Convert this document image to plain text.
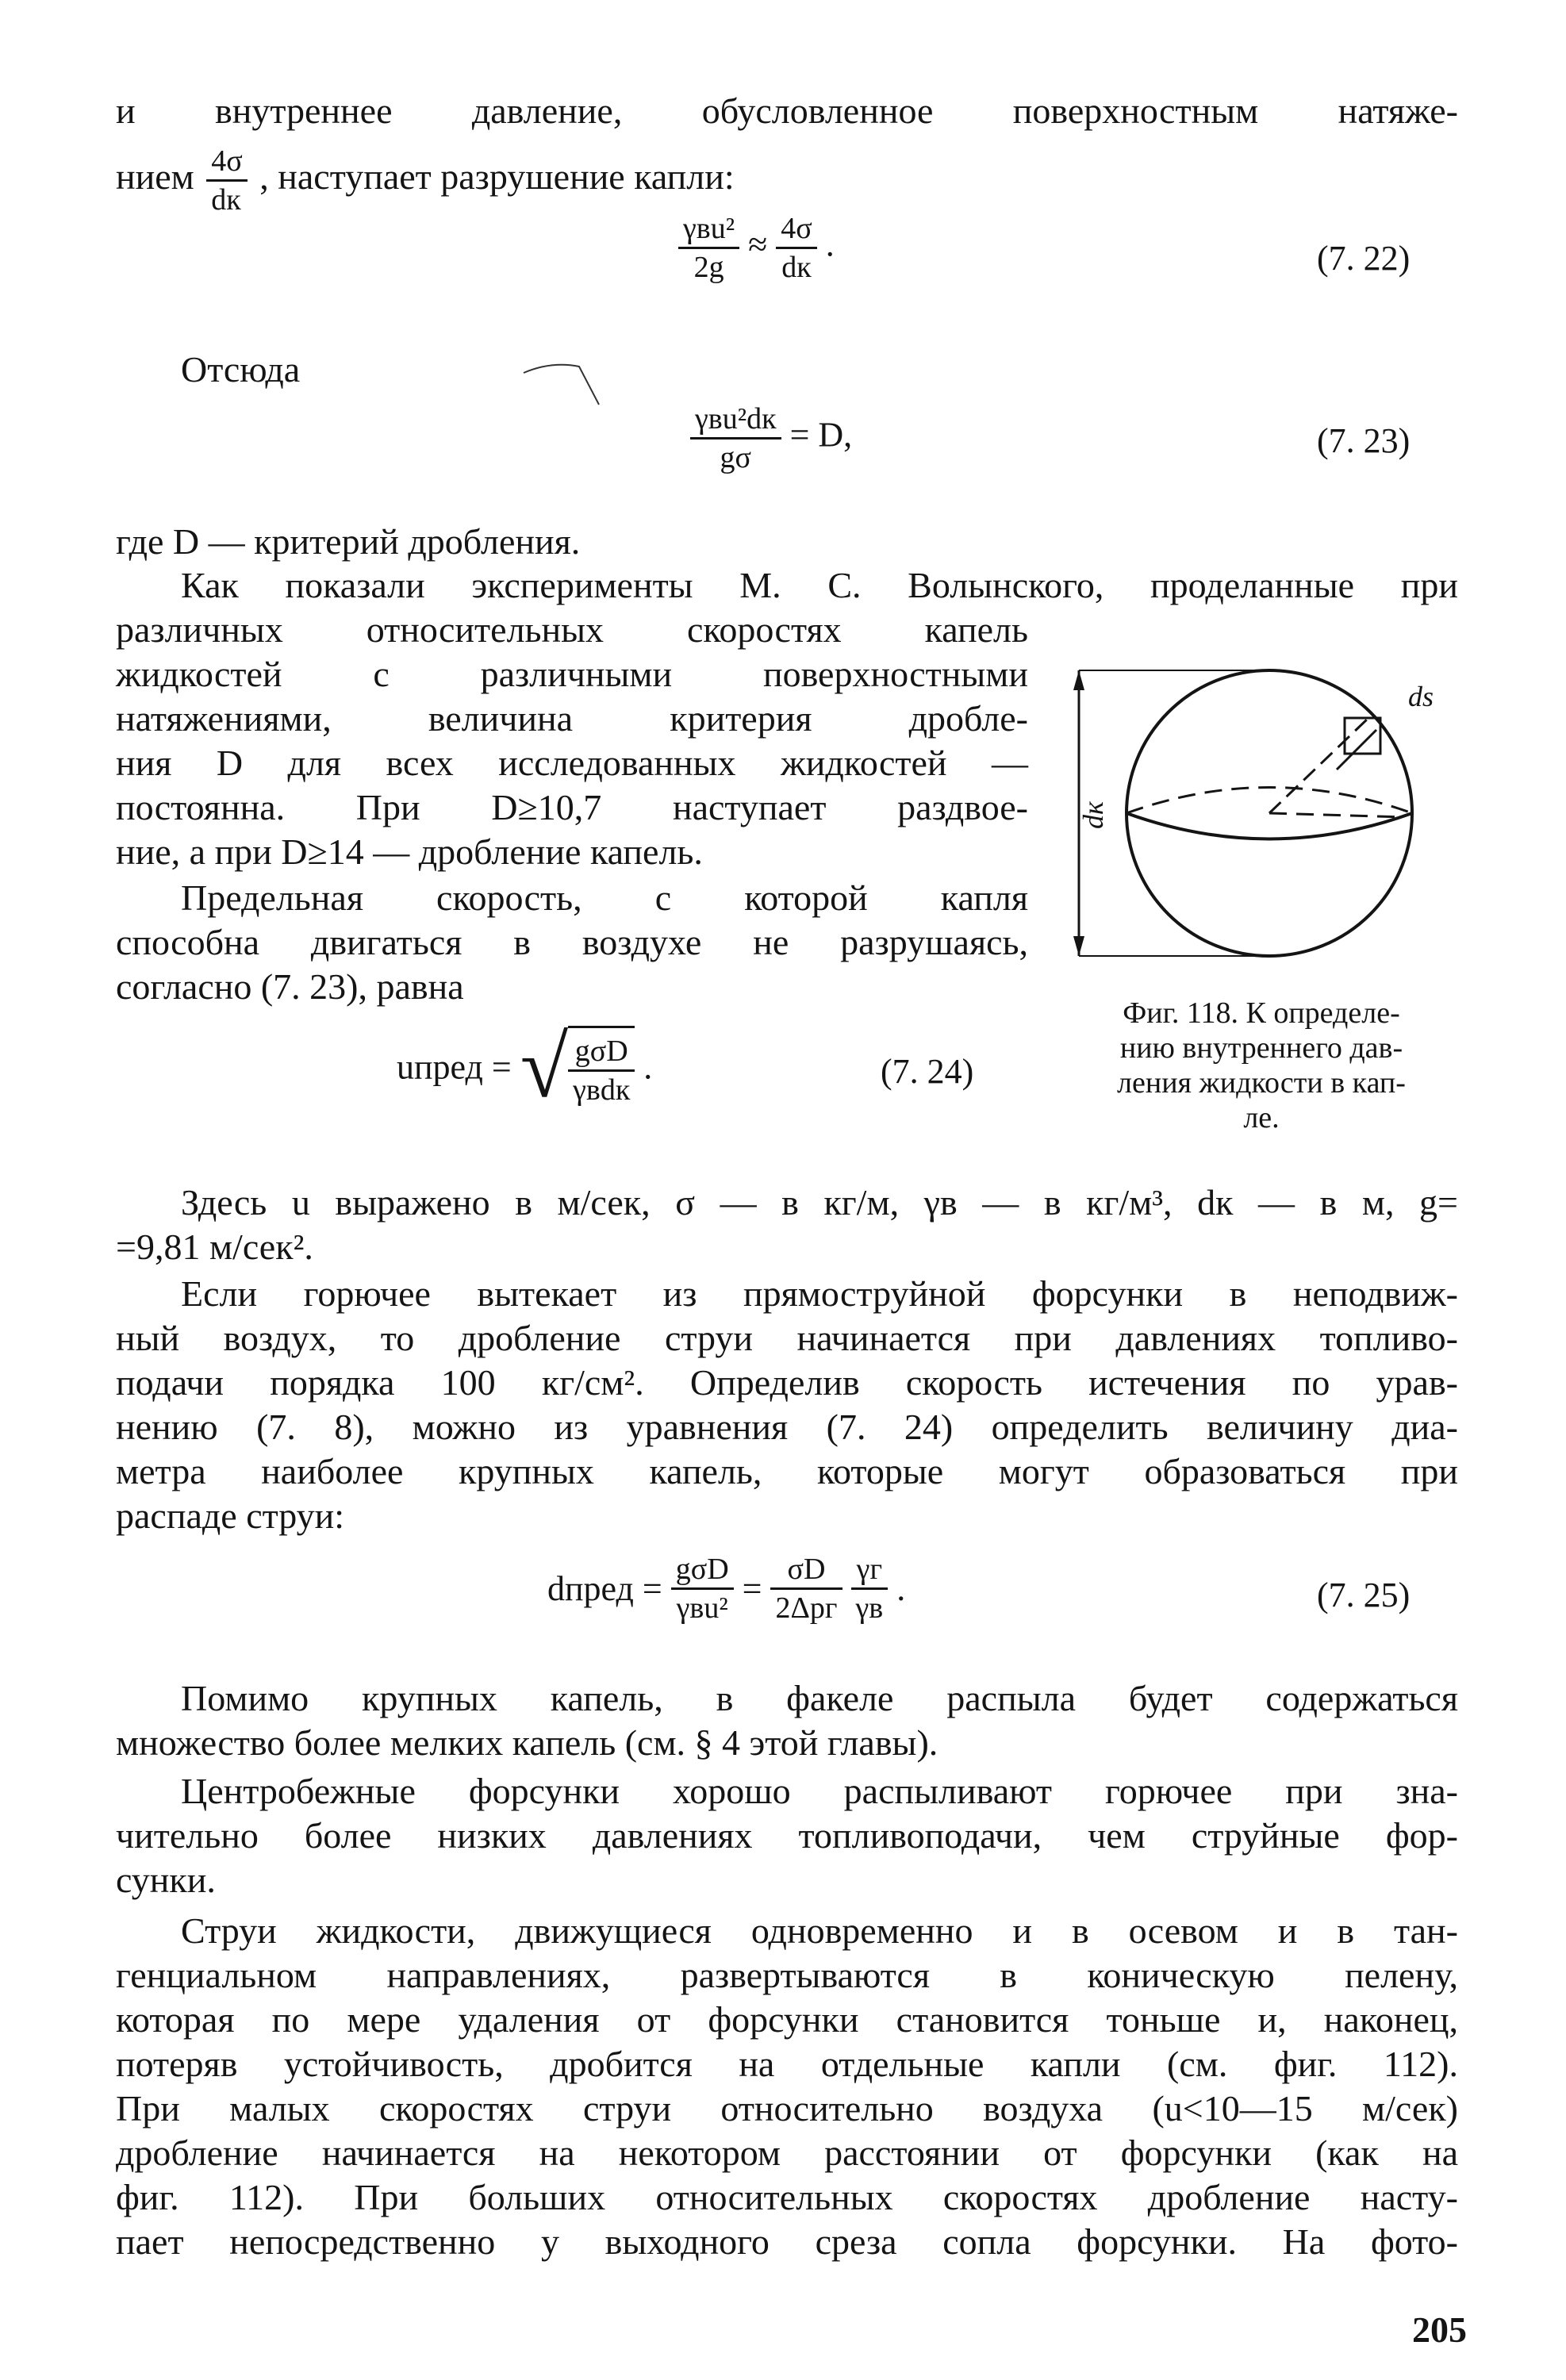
и внутреннее давление, обусловленное поверхностным натяже-
нием $\frac{4\sigma}{dк}$ , наступает разрушение капли:
$\frac{\text{γвu²}}{2g} \approx \frac{4\sigma}{dк}$ .	(7. 22)
Отсюда
$\frac{\text{γвu²dк}}{g\sigma} = D$,	(7. 23)
где D — критерий дробления.
Как показали эксперименты М. С. Волынского, проделанные при
различных относительных скоростях капель
жидкостей с различными поверхностными
натяжениями, величина критерия дробле-
ния D для всех исследованных жидкостей —
постоянна. При D≥10,7 наступает раздвое-
ние, а при D≥14 — дробление капель.
Предельная скорость, с которой капля
способна двигаться в воздухе не разрушаясь,
согласно (7. 23), равна
ds
dк
uпред = √ $\frac{\text{gσD}}{\text{γвdк}}$ .	(7. 24)
Фиг. 118. К определе-
нию внутреннего дав-
ления жидкости в кап-
ле.
Здесь u выражено в м/сек, σ — в кг/м, γв — в кг/м³, dк — в м, g=
=9,81 м/сек².
Если горючее вытекает из прямоструйной форсунки в неподвиж-
ный воздух, то дробление струи начинается при давлениях топливо-
подачи порядка 100 кг/см². Определив скорость истечения по урав-
нению (7. 8), можно из уравнения (7. 24) определить величину диа-
метра наиболее крупных капель, которые могут образоваться при
распаде струи:
dпред = $\frac{\text{gσD}}{\text{γвu²}} = \frac{\sigma D}{\text{2Δpг}}$
$\frac{\gamma г}{\gamma в}$ .	(7. 25)
Помимо крупных капель, в факеле распыла будет содержаться
множество более мелких капель (см. § 4 этой главы).
Центробежные форсунки хорошо распыливают горючее при зна-
чительно более низких давлениях топливоподачи, чем струйные фор-
сунки.
Струи жидкости, движущиеся одновременно и в осевом и в тан-
генциальном направлениях, развертываются в коническую пелену,
которая по мере удаления от форсунки становится тоньше и, наконец,
потеряв устойчивость, дробится на отдельные капли (см. фиг. 112).
При малых скоростях струи относительно воздуха (u<10—15 м/сек)
дробление начинается на некотором расстоянии от форсунки (как на
фиг. 112). При больших относительных скоростях дробление насту-
пает непосредственно у выходного среза сопла форсунки. На фото-
205
